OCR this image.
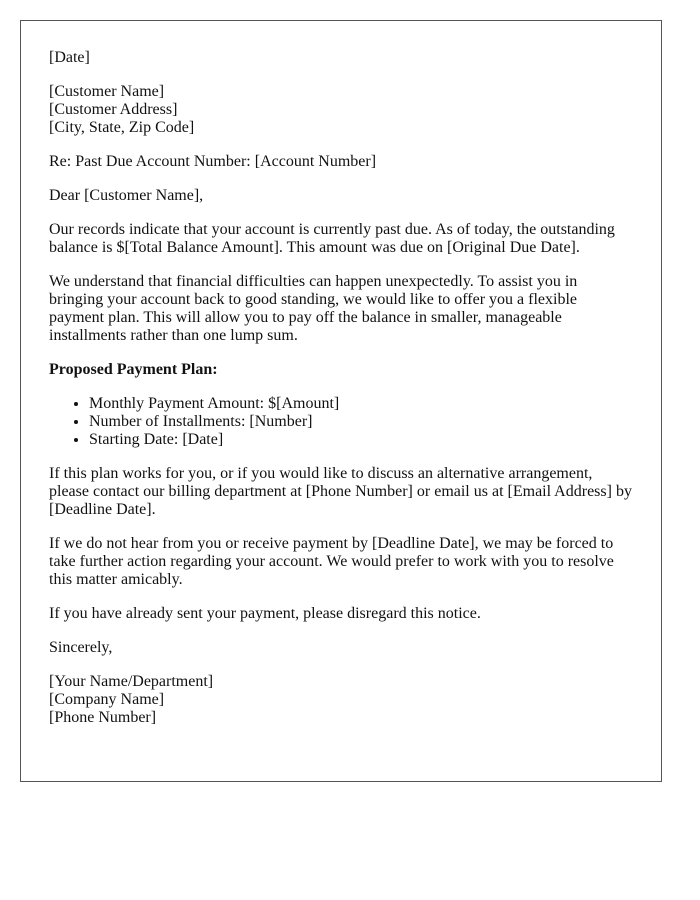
[Date]

[Customer Name]
[Customer Address]
[City, State, Zip Code]

Re: Past Due Account Number: [Account Number]

Dear [Customer Name],

Our records indicate that your account is currently past due. As of today, the outstanding balance is $[Total Balance Amount]. This amount was due on [Original Due Date].

We understand that financial difficulties can happen unexpectedly. To assist you in bringing your account back to good standing, we would like to offer you a flexible payment plan. This will allow you to pay off the balance in smaller, manageable installments rather than one lump sum.

Proposed Payment Plan:

• Monthly Payment Amount: $[Amount]
• Number of Installments: [Number]
• Starting Date: [Date]

If this plan works for you, or if you would like to discuss an alternative arrangement, please contact our billing department at [Phone Number] or email us at [Email Address] by [Deadline Date].

If we do not hear from you or receive payment by [Deadline Date], we may be forced to take further action regarding your account. We would prefer to work with you to resolve this matter amicably.

If you have already sent your payment, please disregard this notice.

Sincerely,

[Your Name/Department]
[Company Name]
[Phone Number]
